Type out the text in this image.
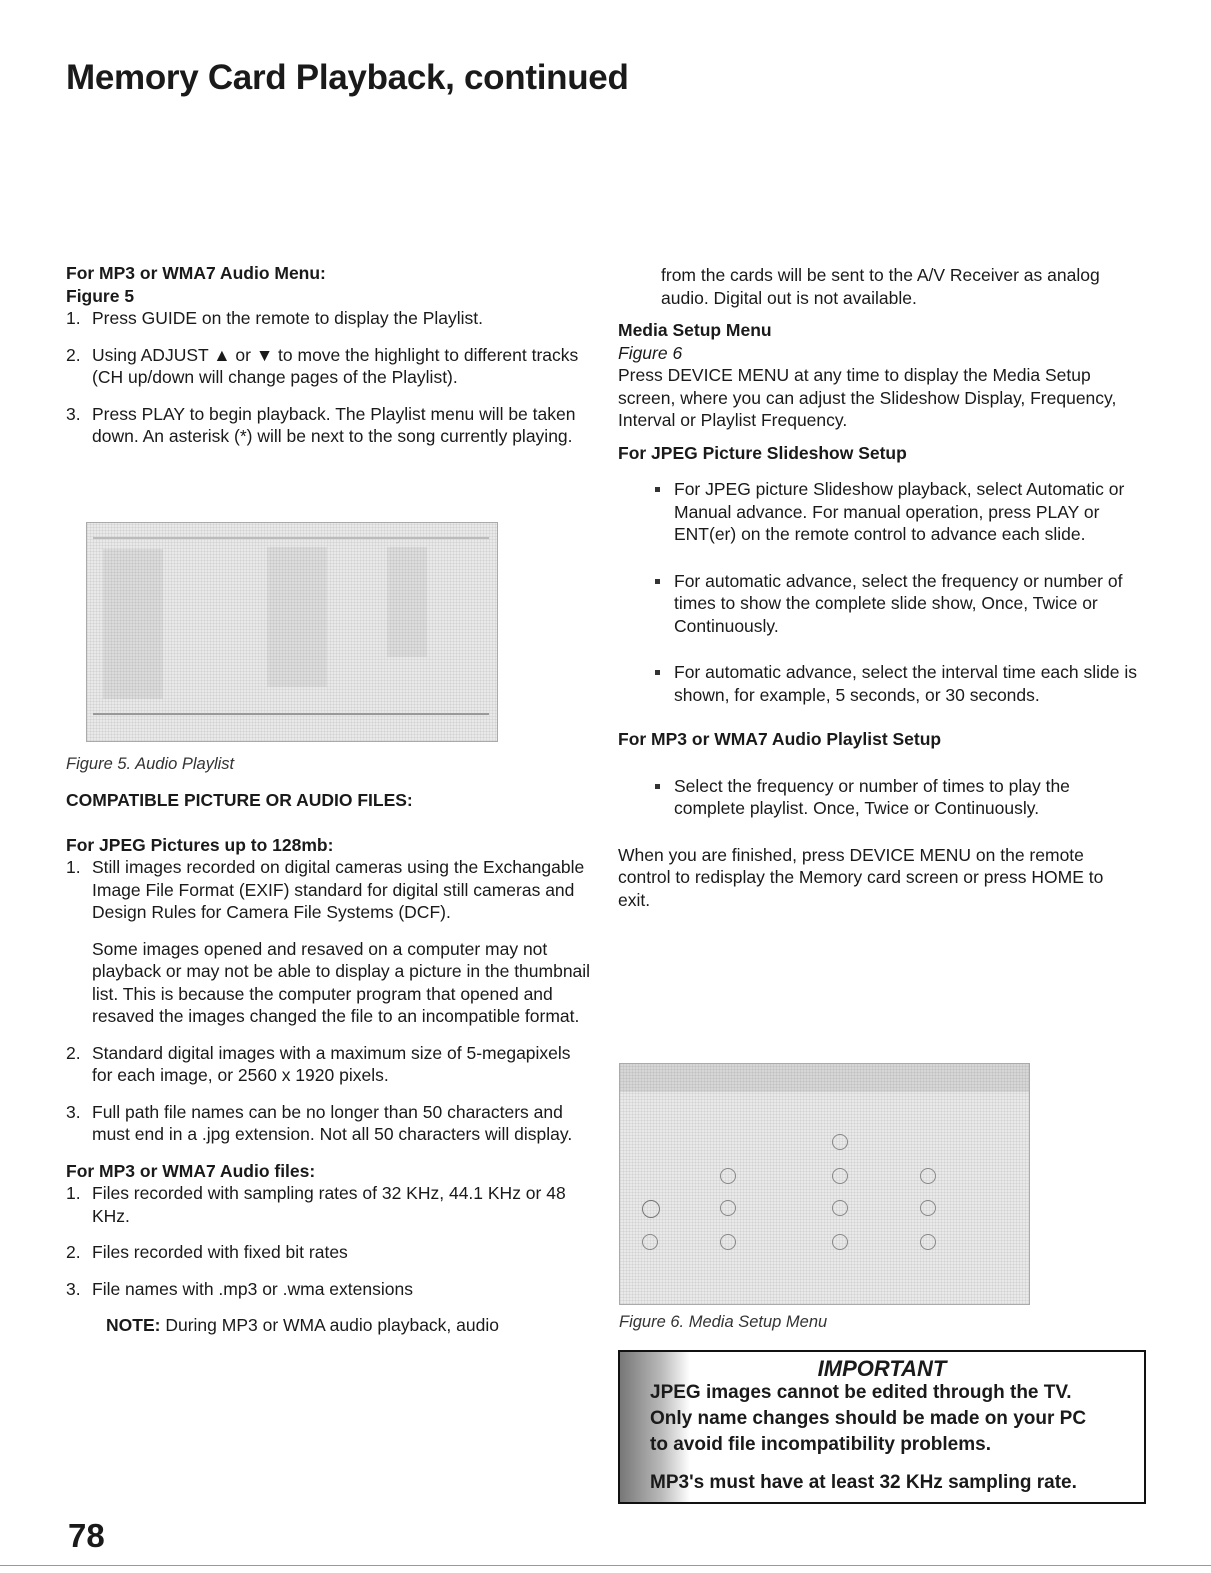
Memory Card Playback, continued
For MP3 or WMA7 Audio Menu:
Figure 5
1. Press GUIDE on the remote to display the Playlist.
2. Using ADJUST ▲ or ▼ to move the highlight to different tracks (CH up/down will change pages of the Playlist).
3. Press PLAY to begin playback. The Playlist menu will be taken down. An asterisk (*) will be next to the song currently playing.
Figure 5. Audio Playlist
COMPATIBLE PICTURE OR AUDIO FILES:
For JPEG Pictures up to 128mb:
1. Still images recorded on digital cameras using the Exchangable Image File Format (EXIF) standard for digital still cameras and Design Rules for Camera File Systems (DCF).
Some images opened and resaved on a computer may not playback or may not be able to display a picture in the thumbnail list. This is because the computer program that opened and resaved the images changed the file to an incompatible format.
2. Standard digital images with a maximum size of 5-megapixels for each image, or 2560 x 1920 pixels.
3. Full path file names can be no longer than 50 characters and must end in a .jpg extension. Not all 50 characters will display.
For MP3 or WMA7 Audio files:
1. Files recorded with sampling rates of 32 KHz, 44.1 KHz or 48 KHz.
2. Files recorded with fixed bit rates
3. File names with .mp3 or .wma extensions
NOTE: During MP3 or WMA audio playback, audio
from the cards will be sent to the A/V Receiver as analog audio. Digital out is not available.
Media Setup Menu
Figure 6
Press DEVICE MENU at any time to display the Media Setup screen, where you can adjust the Slideshow Display, Frequency, Interval or Playlist Frequency.
For JPEG Picture Slideshow Setup
For JPEG picture Slideshow playback, select Automatic or Manual advance. For manual operation, press PLAY or ENT(er) on the remote control to advance each slide.
For automatic advance, select the frequency or number of times to show the complete slide show, Once, Twice or Continuously.
For automatic advance, select the interval time each slide is shown, for example, 5 seconds, or 30 seconds.
For MP3 or WMA7 Audio Playlist Setup
Select the frequency or number of times to play the complete playlist. Once, Twice or Continuously.
When you are finished, press DEVICE MENU on the remote control to redisplay the Memory card screen or press HOME to exit.
Figure 6. Media Setup Menu
IMPORTANT
JPEG images cannot be edited through the TV.
Only name changes should be made on your PC
to avoid file incompatibility problems.
MP3's must have at least 32 KHz sampling rate.
78
